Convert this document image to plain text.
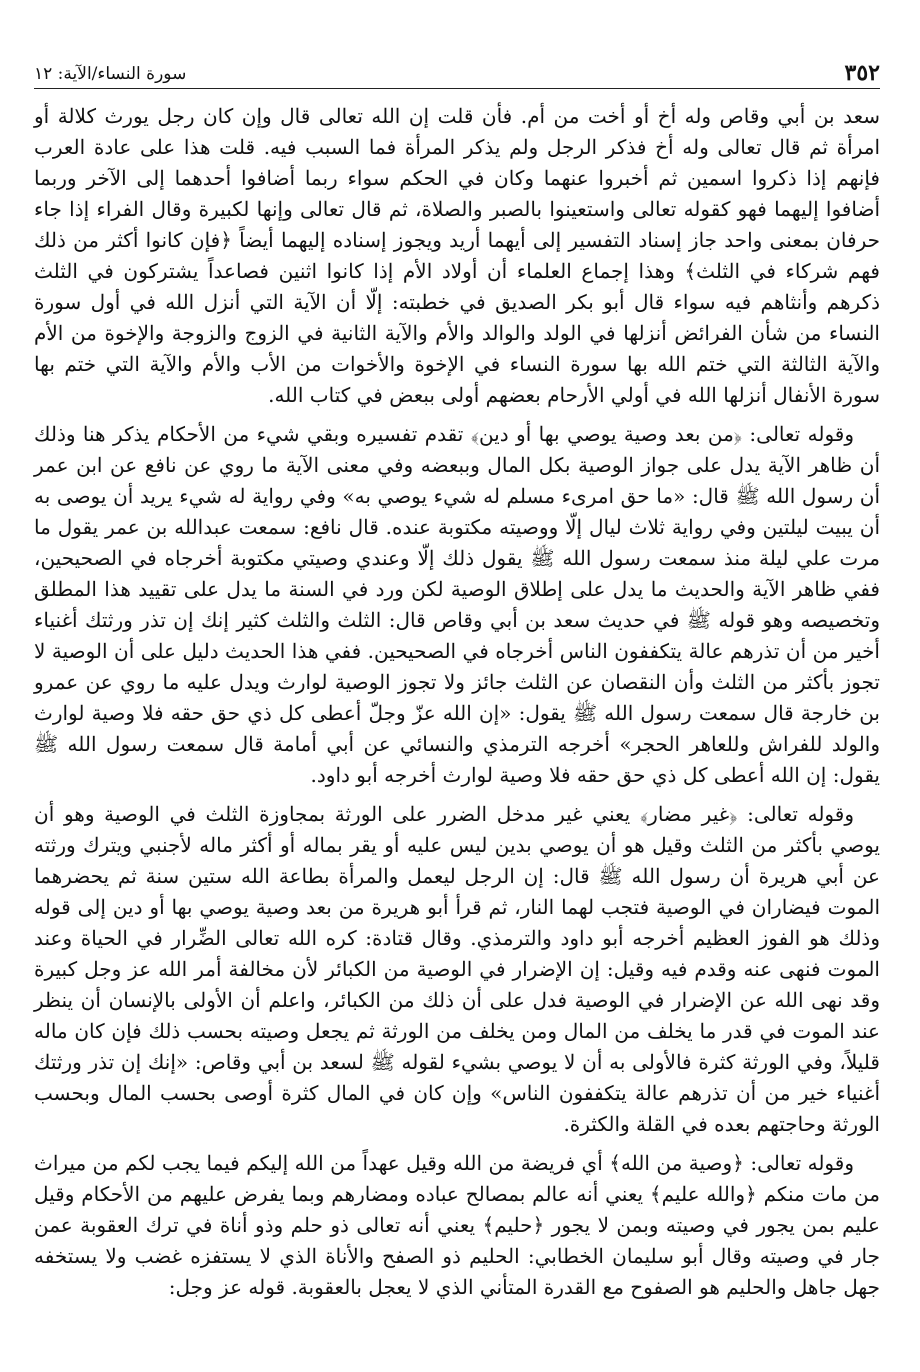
٣٥٢
سورة النساء/الآية: ١٢

سعد بن أبي وقاص وله أخ أو أخت من أم. فأن قلت إن الله تعالى قال وإن كان رجل يورث كلالة أو امرأة ثم قال تعالى وله أخ فذكر الرجل ولم يذكر المرأة فما السبب فيه. قلت هذا على عادة العرب فإنهم إذا ذكروا اسمين ثم أخبروا عنهما وكان في الحكم سواء ربما أضافوا أحدهما إلى الآخر وربما أضافوا إليهما فهو كقوله تعالى واستعينوا بالصبر والصلاة، ثم قال تعالى وإنها لكبيرة وقال الفراء إذا جاء حرفان بمعنى واحد جاز إسناد التفسير إلى أيهما أريد ويجوز إسناده إليهما أيضاً ﴿فإن كانوا أكثر من ذلك فهم شركاء في الثلث﴾ وهذا إجماع العلماء أن أولاد الأم إذا كانوا اثنين فصاعداً يشتركون في الثلث ذكرهم وأنثاهم فيه سواء قال أبو بكر الصديق في خطبته: إلّا أن الآية التي أنزل الله في أول سورة النساء من شأن الفرائض أنزلها في الولد والوالد والأم والآية الثانية في الزوج والزوجة والإخوة من الأم والآية الثالثة التي ختم الله بها سورة النساء في الإخوة والأخوات من الأب والأم والآية التي ختم بها سورة الأنفال أنزلها الله في أولي الأرحام بعضهم أولى ببعض في كتاب الله.

وقوله تعالى: ﴿من بعد وصية يوصي بها أو دين﴾ تقدم تفسيره وبقي شيء من الأحكام يذكر هنا وذلك أن ظاهر الآية يدل على جواز الوصية بكل المال وببعضه وفي معنى الآية ما روي عن نافع عن ابن عمر أن رسول الله ﷺ قال: «ما حق امرىء مسلم له شيء يوصي به» وفي رواية له شيء يريد أن يوصى به أن يبيت ليلتين وفي رواية ثلاث ليال إلّا ووصيته مكتوبة عنده. قال نافع: سمعت عبدالله بن عمر يقول ما مرت علي ليلة منذ سمعت رسول الله ﷺ يقول ذلك إلّا وعندي وصيتي مكتوبة أخرجاه في الصحيحين، ففي ظاهر الآية والحديث ما يدل على إطلاق الوصية لكن ورد في السنة ما يدل على تقييد هذا المطلق وتخصيصه وهو قوله ﷺ في حديث سعد بن أبي وقاص قال: الثلث والثلث كثير إنك إن تذر ورثتك أغنياء أخير من أن تذرهم عالة يتكففون الناس أخرجاه في الصحيحين. ففي هذا الحديث دليل على أن الوصية لا تجوز بأكثر من الثلث وأن النقصان عن الثلث جائز ولا تجوز الوصية لوارث ويدل عليه ما روي عن عمرو بن خارجة قال سمعت رسول الله ﷺ يقول: «إن الله عزّ وجلّ أعطى كل ذي حق حقه فلا وصية لوارث والولد للفراش وللعاهر الحجر» أخرجه الترمذي والنسائي عن أبي أمامة قال سمعت رسول الله ﷺ يقول: إن الله أعطى كل ذي حق حقه فلا وصية لوارث أخرجه أبو داود.

وقوله تعالى: ﴿غير مضار﴾ يعني غير مدخل الضرر على الورثة بمجاوزة الثلث في الوصية وهو أن يوصي بأكثر من الثلث وقيل هو أن يوصي بدين ليس عليه أو يقر بماله أو أكثر ماله لأجنبي ويترك ورثته عن أبي هريرة أن رسول الله ﷺ قال: إن الرجل ليعمل والمرأة بطاعة الله ستين سنة ثم يحضرهما الموت فيضاران في الوصية فتجب لهما النار، ثم قرأ أبو هريرة من بعد وصية يوصي بها أو دين إلى قوله وذلك هو الفوز العظيم أخرجه أبو داود والترمذي. وقال قتادة: كره الله تعالى الضِّرار في الحياة وعند الموت فنهى عنه وقدم فيه وقيل: إن الإضرار في الوصية من الكبائر لأن مخالفة أمر الله عز وجل كبيرة وقد نهى الله عن الإضرار في الوصية فدل على أن ذلك من الكبائر، واعلم أن الأولى بالإنسان أن ينظر عند الموت في قدر ما يخلف من المال ومن يخلف من الورثة ثم يجعل وصيته بحسب ذلك فإن كان ماله قليلاً، وفي الورثة كثرة فالأولى به أن لا يوصي بشيء لقوله ﷺ لسعد بن أبي وقاص: «إنك إن تذر ورثتك أغنياء خير من أن تذرهم عالة يتكففون الناس» وإن كان في المال كثرة أوصى بحسب المال وبحسب الورثة وحاجتهم بعده في القلة والكثرة.

وقوله تعالى: ﴿وصية من الله﴾ أي فريضة من الله وقيل عهداً من الله إليكم فيما يجب لكم من ميراث من مات منكم ﴿والله عليم﴾ يعني أنه عالم بمصالح عباده ومضارهم وبما يفرض عليهم من الأحكام وقيل عليم بمن يجور في وصيته وبمن لا يجور ﴿حليم﴾ يعني أنه تعالى ذو حلم وذو أناة في ترك العقوبة عمن جار في وصيته وقال أبو سليمان الخطابي: الحليم ذو الصفح والأناة الذي لا يستفزه غضب ولا يستخفه جهل جاهل والحليم هو الصفوح مع القدرة المتأني الذي لا يعجل بالعقوبة. قوله عز وجل:
